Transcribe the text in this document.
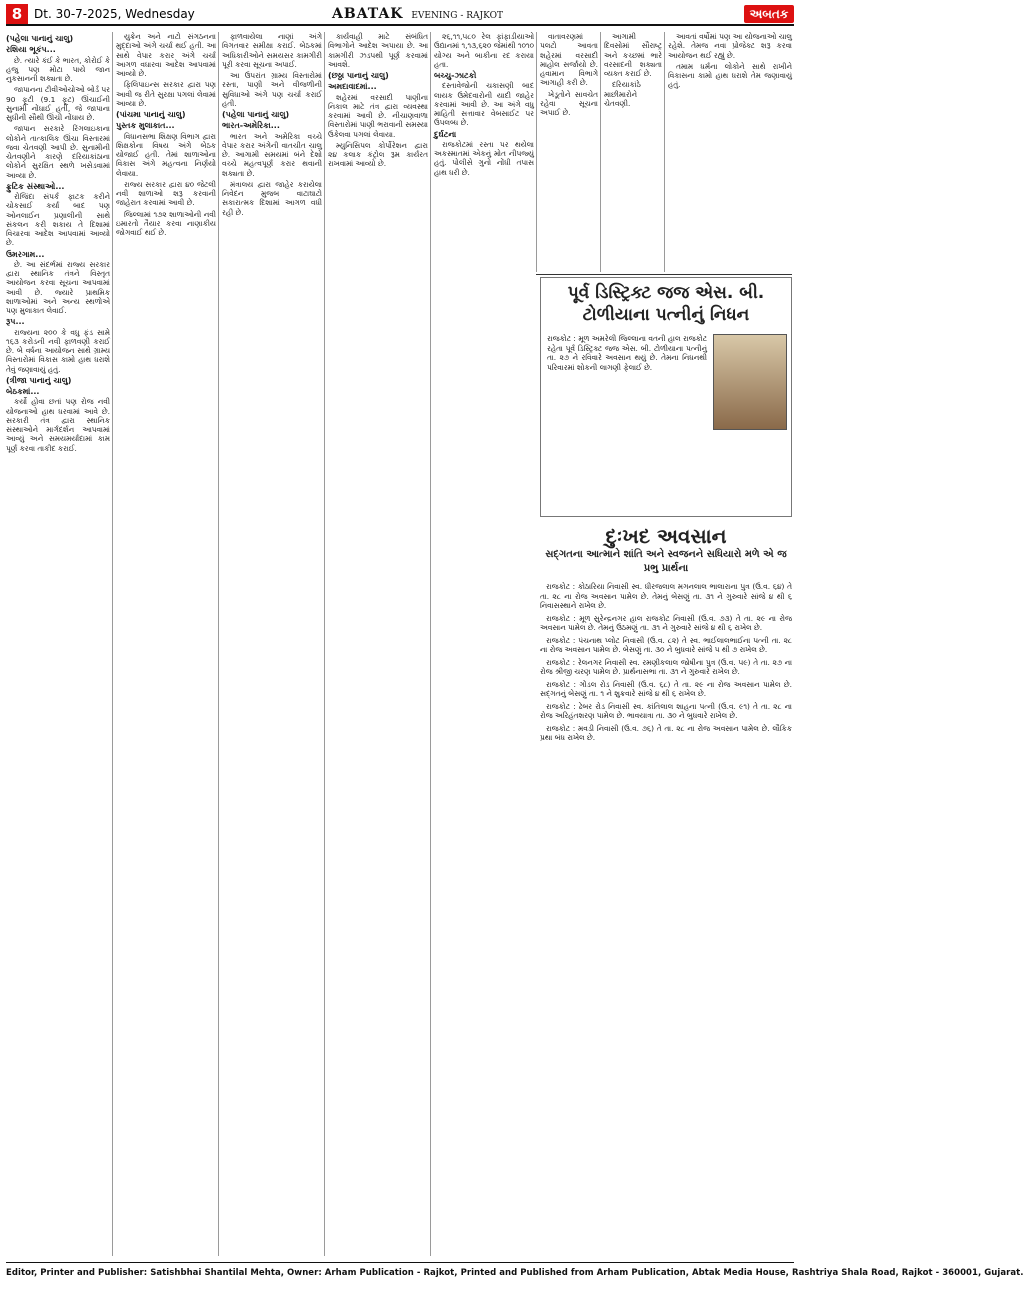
8 Dt. 30-7-2025, Wednesday	ABATAK EVENING - RAJKOT	અબતક
(પહેલા પાનાનું ચાલુ)
રશિયા ભૂકંપ...
છે. ત્યારે કંઈ કે ભારત, કોરોઈ કે હજુ પણ મોટા પાયે જાન નુકસાનની શક્યતા છે.
જાપાનના ટીવીઓચોઓ બોર્ડ પર 90 ફૂટી (9.1 ફૂટ) ઊંચાઈની સુનામી નોંધાઈ હતી, જે જાપાના સુધીની સૌથી ઊંચી નોંધાય છે.
જાપાન સરકારે રિંગલાઇકાના લોકોને તાત્કાલિક ઊંચા વિસ્તારમાં જવા ચેતવણી આપી છે. સુનામીની ચેતવણીને કારણે દરિયાકાંઠાના લોકોને સુરક્ષિત સ્થળે ખસેડવામાં આવ્યા છે.
ફ્રુટિક સંસ્થાઓ...
રોજિંદા સંપર્ક ફાટક કરીને ચોકસાઈ કર્યા બાદ પણ ઓનલાઈન પ્રણાલીની સાથે સંકલન કરી શકાય તે દિશામાં વિચારવા આદેશ આપવામાં આવ્યો છે.
ઉમરગામ...
છે. આ સંદર્ભમાં રાજ્ય સરકાર દ્વારા સ્થાનિક તંત્રને વિસ્તૃત આયોજન કરવા સૂચના આપવામાં આવી છે. જ્યારે પ્રાથમિક શાળાઓમાં અને અન્ય સ્થળોએ પણ મુલાકાત લેવાઈ.
રૂપ...
રાજ્યના ૨૦૦ કે વધુ ફંડ સામે ૧૬૩ કરોડની નવી ફાળવણી કરાઈ છે. બે વર્ષના આયોજન સાથે ગ્રામ્ય વિસ્તારોમાં વિકાસ કામો હાથ ધરાશે તેવું જણાવાયું હતું.
(ત્રીજા પાનાનું ચાલુ)
બેઠકમાં...
કર્યો હોવા છતાં પણ રોજ નવી યોજનાઓ હાથ ધરવામાં આવે છે. સરકારી તંત્ર દ્વારા સ્થાનિક સંસ્થાઓને માર્ગદર્શન આપવામાં આવ્યું અને સમયમર્યાદામાં કામ પૂર્ણ કરવા તાકીદ કરાઈ.
યુક્રેન અને નાટો સંગઠનના મુદ્દાઓ અંગે ચર્ચા થઈ હતી. આ સાથે વેપાર કરાર અંગે ચર્ચા આગળ વધારવા આદેશ આપવામાં આવ્યો છે.
ફિલિપાઇન્સ સરકાર દ્વારા પણ આવી જ રીતે સુરક્ષા પગલાં લેવામાં આવ્યા છે.
(પાંચમા પાનાનું ચાલુ)
પુસ્તક મુલાકાત...
વિધાનસભા શિક્ષણ વિભાગ દ્વારા શિક્ષકોના વિષય અંગે બેઠક યોજાઈ હતી. તેમાં શાળાઓના વિકાસ અંગે મહત્વના નિર્ણયો લેવાયા.
રાજ્ય સરકાર દ્વારા ૪૦ જેટલી નવી શાળાઓ શરૂ કરવાની જાહેરાત કરવામાં આવી છે.
જિલ્લામાં ૧૭૨ શાળાઓની નવી ઇમારતો તૈયાર કરવા નાણાકીય જોગવાઈ થઈ છે.
ફાળવાયેલા નાણાં અંગે વિગતવાર સમીક્ષા કરાઈ. બેઠકમાં અધિકારીઓને સમયસર કામગીરી પૂરી કરવા સૂચના અપાઈ.
આ ઉપરાંત ગ્રામ્ય વિસ્તારોમાં રસ્તા, પાણી અને વીજળીની સુવિધાઓ અંગે પણ ચર્ચા કરાઈ હતી.
(પહેલા પાનાનું ચાલુ)
ભારત-અમેરિકા...
ભારત અને અમેરિકા વચ્ચે વેપાર કરાર અંગેની વાતચીત ચાલુ છે. આગામી સમયમાં બંને દેશો વચ્ચે મહત્વપૂર્ણ કરાર થવાની શક્યતા છે.
મંત્રાલય દ્વારા જાહેર કરાયેલા નિવેદન મુજબ વાટાઘાટો સકારાત્મક દિશામાં આગળ વધી રહી છે.
કાર્યવાહી માટે સંબંધિત વિભાગોને આદેશ અપાયા છે. આ કામગીરી ઝડપથી પૂર્ણ કરવામાં આવશે.
(છઠ્ઠા પાનાનું ચાલુ)
અમદાવાદમાં...
શહેરમાં વરસાદી પાણીના નિકાલ માટે તંત્ર દ્વારા વ્યવસ્થા કરવામાં આવી છે. નીચાણવાળા વિસ્તારોમાં પાણી ભરાવાની સમસ્યા ઉકેલવા પગલાં લેવાયા.
મ્યુનિસિપલ કોર્પોરેશન દ્વારા ૨૪ કલાક કંટ્રોલ રૂમ કાર્યરત રાખવામાં આવ્યો છે.
૨૬,૧૧,૫૮૦ રેલ ફાંફાડીયાઓ ઉદ્યાનમાં ૧,૧૩,૬૨૦ જેમાંથી ૧૦૧૦ યોગ્ય અને બાકીના રદ કરાયા હતા.
બચ્ચુ-ઝાટકો
દસ્તાવેજોની ચકાસણી બાદ લાયક ઉમેદવારોની યાદી જાહેર કરવામાં આવી છે. આ અંગે વધુ માહિતી સત્તાવાર વેબસાઈટ પર ઉપલબ્ધ છે.
દુર્ઘટના
રાજકોટમાં રસ્તા પર થયેલા અકસ્માતમાં એકનું મોત નીપજ્યું હતું. પોલીસે ગુનો નોંધી તપાસ હાથ ધરી છે.
વાતાવરણમાં પલટો આવતા શહેરમાં વરસાદી માહોલ સર્જાયો છે. હવામાન વિભાગે આગાહી કરી છે.
ખેડૂતોને સાવચેત રહેવા સૂચના અપાઈ છે.
આગામી દિવસોમાં સૌરાષ્ટ્ર અને કચ્છમાં ભારે વરસાદની શક્યતા વ્યક્ત કરાઈ છે.
દરિયાકાંઠે માછીમારોને ચેતવણી.
આવતાં વર્ષોમાં પણ આ યોજનાઓ ચાલુ રહેશે. તેમજ નવા પ્રોજેક્ટ શરૂ કરવા આયોજન થઈ રહ્યું છે.
તમામ ધર્મના લોકોને સાથે રાખીને વિકાસના કામો હાથ ધરાશે તેમ જણાવાયું હતું.
પૂર્વ ડિસ્ટ્રિક્ટ જજ એસ. બી. ટોળીયાના પત્નીનું નિધન

રાજકોટ : મૂળ અમરેલી જિલ્લાના વતની હાલ રાજકોટ રહેતા પૂર્વ ડિસ્ટ્રિક્ટ જજ એસ. બી. ટોળીયાના પત્નીનું તા. ૨૭ ને રવિવારે અવસાન થયું છે. તેમના નિધનથી પરિવારમાં શોકની લાગણી ફેલાઈ છે.

દુઃખદ અવસાન
સદ્‌ગતના આત્માને શાંતિ અને સ્વજનને સધિયારો મળે એ જ પ્રભુ પ્રાર્થના
રાજકોટ : કોઠારિયા નિવાસી સ્વ. ધીરજલાલ મગનલાલ ભાલારાના પુત્ર (ઉ.વ. ૬૪) તે તા. ૨૮ ના રોજ અવસાન પામેલ છે. તેમનું બેસણું તા. ૩૧ ને ગુરુવારે સાંજે ૪ થી ૬ નિવાસસ્થાને રાખેલ છે.
રાજકોટ : મૂળ સુરેન્દ્રનગર હાલ રાજકોટ નિવાસી (ઉ.વ. ૭૩) તે તા. ૨૯ ના રોજ અવસાન પામેલ છે. તેમનું ઉઠમણું તા. ૩૧ ને ગુરુવારે સાંજે ૪ થી ૬ રાખેલ છે.
રાજકોટ : પંચનાથ પ્લોટ નિવાસી (ઉ.વ. ૮૨) તે સ્વ. ભાઈલાલભાઈના પત્ની તા. ૨૮ ના રોજ અવસાન પામેલ છે. બેસણું તા. ૩૦ ને બુધવારે સાંજે ૫ થી ૭ રાખેલ છે.
રાજકોટ : રેલનગર નિવાસી સ્વ. રમણીકલાલ જોષીના પુત્ર (ઉ.વ. ૫૯) તે તા. ૨૭ ના રોજ શ્રીજી ચરણ પામેલ છે. પ્રાર્થનાસભા તા. ૩૧ ને ગુરુવારે રાખેલ છે.
રાજકોટ : ગોંડલ રોડ નિવાસી (ઉ.વ. ૬૮) તે તા. ૨૯ ના રોજ અવસાન પામેલ છે. સદ્‌ગતનું બેસણું તા. ૧ ને શુક્રવારે સાંજે ૪ થી ૬ રાખેલ છે.
રાજકોટ : ઢેબર રોડ નિવાસી સ્વ. કાંતિલાલ શાહના પત્ની (ઉ.વ. ૯૧) તે તા. ૨૮ ના રોજ અરિહંતશરણ પામેલ છે. ભાવયાત્રા તા. ૩૦ ને બુધવારે રાખેલ છે.
રાજકોટ : મવડી નિવાસી (ઉ.વ. ૭૬) તે તા. ૨૮ ના રોજ અવસાન પામેલ છે. લૌકિક પ્રથા બંધ રાખેલ છે.
Editor, Printer and Publisher: Satishbhai Shantilal Mehta, Owner: Arham Publication - Rajkot, Printed and Published from Arham Publication, Abtak Media House, Rashtriya Shala Road, Rajkot - 360001, Gujarat.
